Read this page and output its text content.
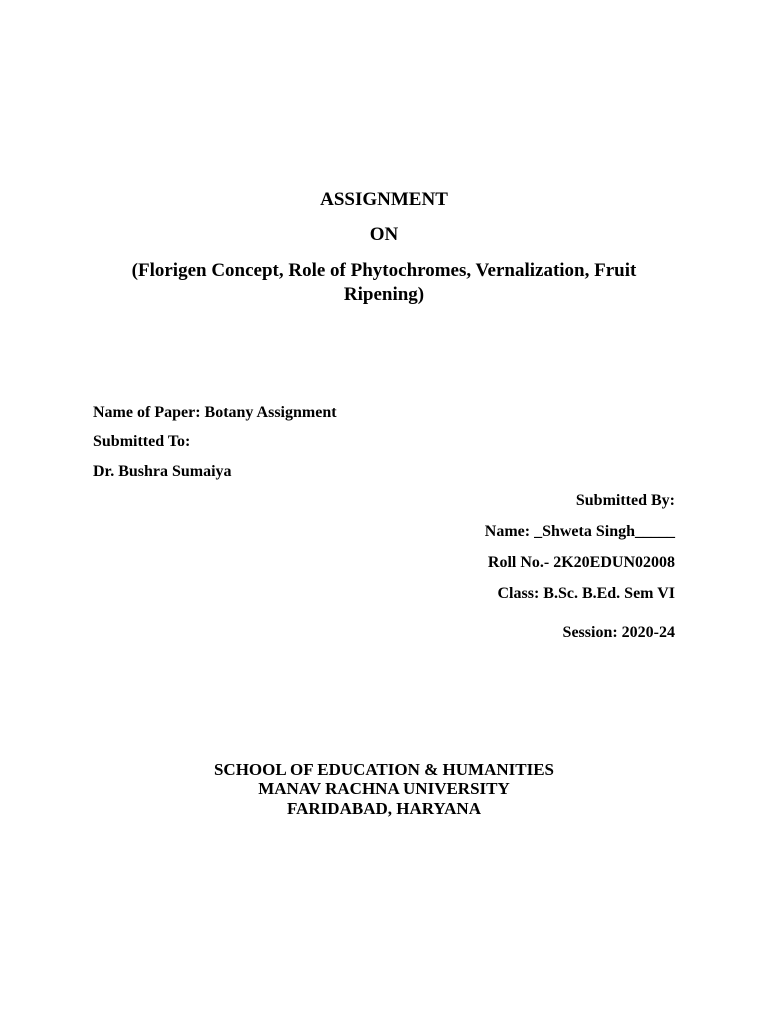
ASSIGNMENT
ON

(Florigen Concept, Role of Phytochromes, Vernalization, Fruit Ripening)

Name of Paper: Botany Assignment

Submitted To:

Dr. Bushra Sumaiya

Submitted By:

Name: _Shweta Singh_____

Roll No.- 2K20EDUN02008

Class: B.Sc. B.Ed. Sem VI

Session: 2020-24

SCHOOL OF EDUCATION & HUMANITIES

MANAV RACHNA UNIVERSITY

FARIDABAD, HARYANA
